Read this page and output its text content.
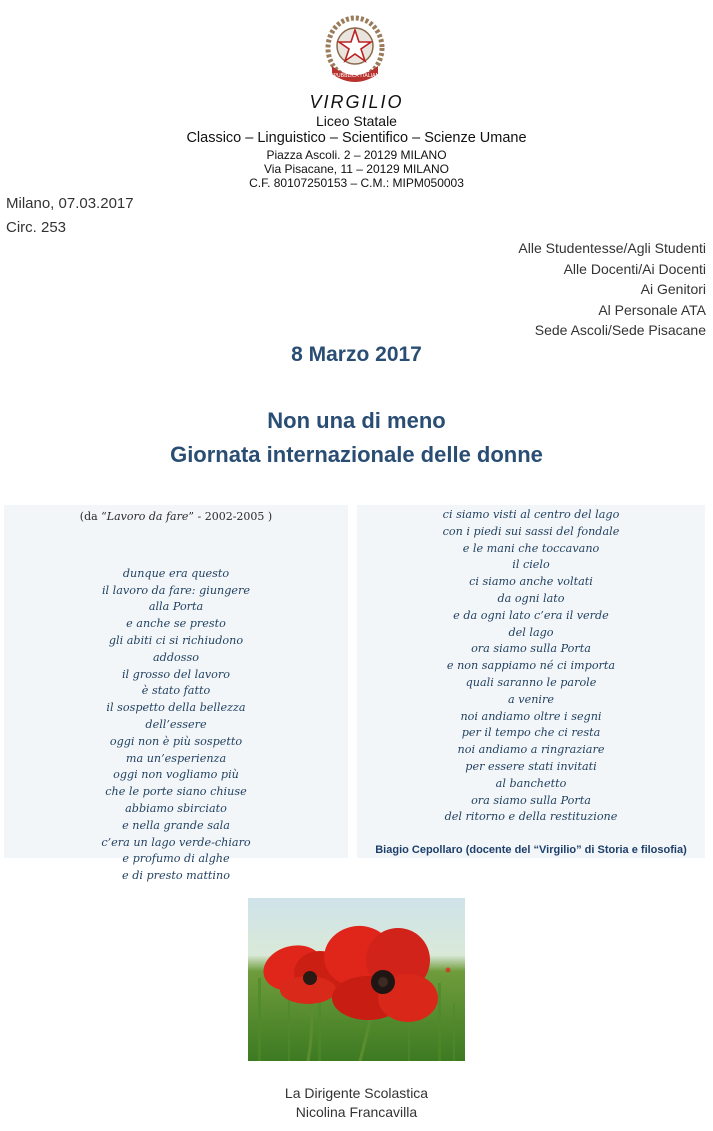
REPUBBLICA ITALIANA
VIRGILIO
Liceo Statale
Classico – Linguistico – Scientifico – Scienze Umane
Piazza Ascoli. 2 – 20129 MILANO
Via Pisacane, 11 – 20129 MILANO
C.F. 80107250153 – C.M.: MIPM050003
Milano, 07.03.2017
Circ. 253
Alle Studentesse/Agli Studenti
Alle Docenti/Ai Docenti
Ai Genitori
Al Personale ATA
Sede Ascoli/Sede Pisacane
8 Marzo 2017
Non una di meno
Giornata internazionale delle donne
(da “Lavoro da fare” - 2002-2005 )
dunque era questo
il lavoro da fare: giungere
alla Porta
e anche se presto
gli abiti ci si richiudono
addosso
il grosso del lavoro
è stato fatto
il sospetto della bellezza
dell’essere
oggi non è più sospetto
ma un’esperienza
oggi non vogliamo più
che le porte siano chiuse
abbiamo sbirciato
e nella grande sala
c’era un lago verde-chiaro
e profumo di alghe
e di presto mattino
ci siamo visti al centro del lago
con i piedi sui sassi del fondale
e le mani che toccavano
il cielo
ci siamo anche voltati
da ogni lato
e da ogni lato c’era il verde
del lago
ora siamo sulla Porta
e non sappiamo né ci importa
quali saranno le parole
a venire
noi andiamo oltre i segni
per il tempo che ci resta
noi andiamo a ringraziare
per essere stati invitati
al banchetto
ora siamo sulla Porta
del ritorno e della restituzione
Biagio Cepollaro (docente del “Virgilio” di Storia e filosofia)
La Dirigente Scolastica
Nicolina Francavilla
